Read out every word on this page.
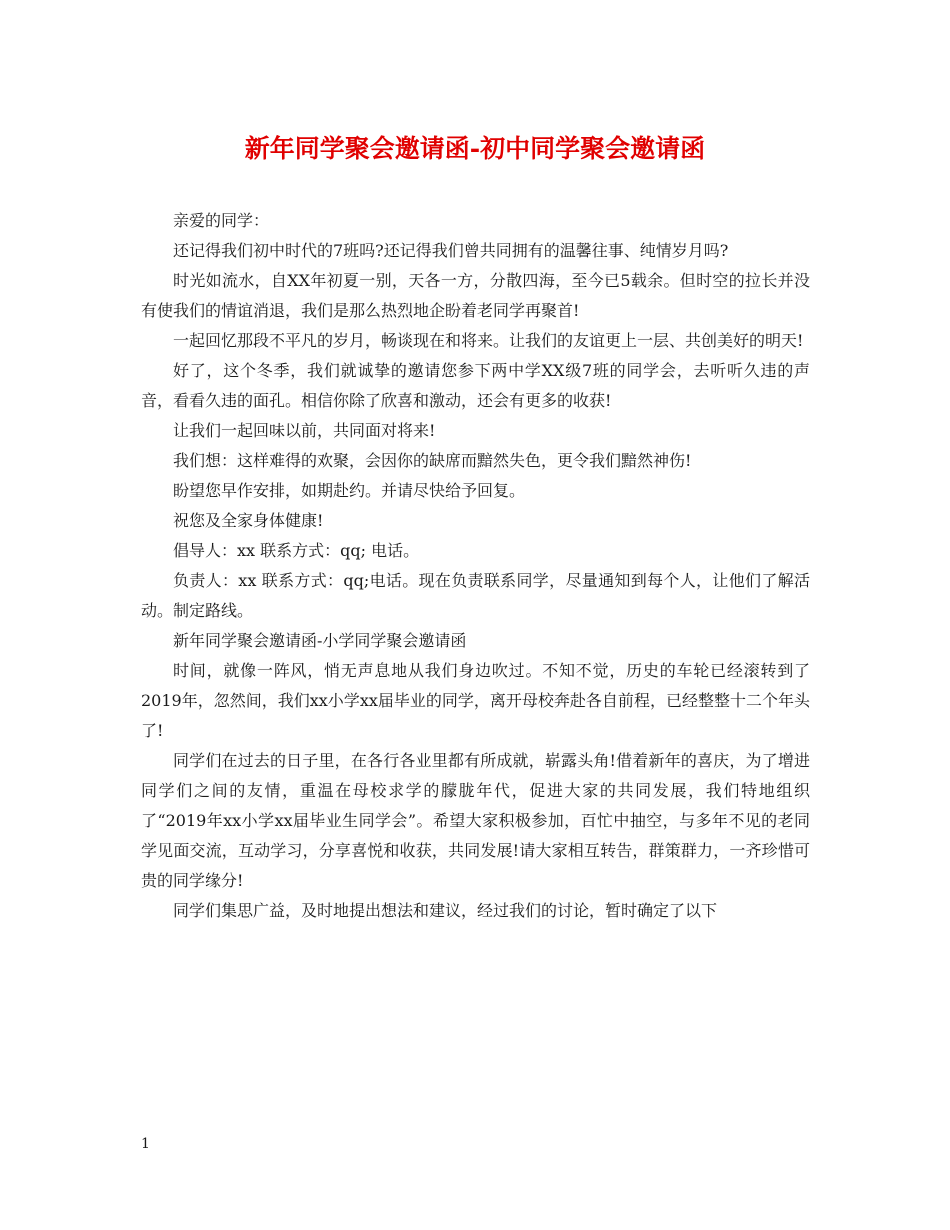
新年同学聚会邀请函-初中同学聚会邀请函

亲爱的同学：

还记得我们初中时代的7班吗?还记得我们曾共同拥有的温馨往事、纯情岁月吗?

时光如流水，自XX年初夏一别，天各一方，分散四海，至今已5载余。但时空的拉长并没有使我们的情谊消退，我们是那么热烈地企盼着老同学再聚首!

一起回忆那段不平凡的岁月，畅谈现在和将来。让我们的友谊更上一层、共创美好的明天!

好了，这个冬季，我们就诚挚的邀请您参下两中学XX级7班的同学会，去听听久违的声音，看看久违的面孔。相信你除了欣喜和激动，还会有更多的收获!

让我们一起回味以前，共同面对将来!

我们想：这样难得的欢聚，会因你的缺席而黯然失色，更令我们黯然神伤!

盼望您早作安排，如期赴约。并请尽快给予回复。

祝您及全家身体健康!

倡导人：xx 联系方式：qq; 电话。

负责人：xx 联系方式：qq;电话。现在负责联系同学，尽量通知到每个人，让他们了解活动。制定路线。

新年同学聚会邀请函-小学同学聚会邀请函

时间，就像一阵风，悄无声息地从我们身边吹过。不知不觉，历史的车轮已经滚转到了2019年，忽然间，我们xx小学xx届毕业的同学，离开母校奔赴各自前程，已经整整十二个年头了!

同学们在过去的日子里，在各行各业里都有所成就，崭露头角!借着新年的喜庆，为了增进同学们之间的友情，重温在母校求学的朦胧年代，促进大家的共同发展，我们特地组织了“2019年xx小学xx届毕业生同学会”。希望大家积极参加，百忙中抽空，与多年不见的老同学见面交流，互动学习，分享喜悦和收获，共同发展!请大家相互转告，群策群力，一齐珍惜可贵的同学缘分!

同学们集思广益，及时地提出想法和建议，经过我们的讨论，暂时确定了以下

1
